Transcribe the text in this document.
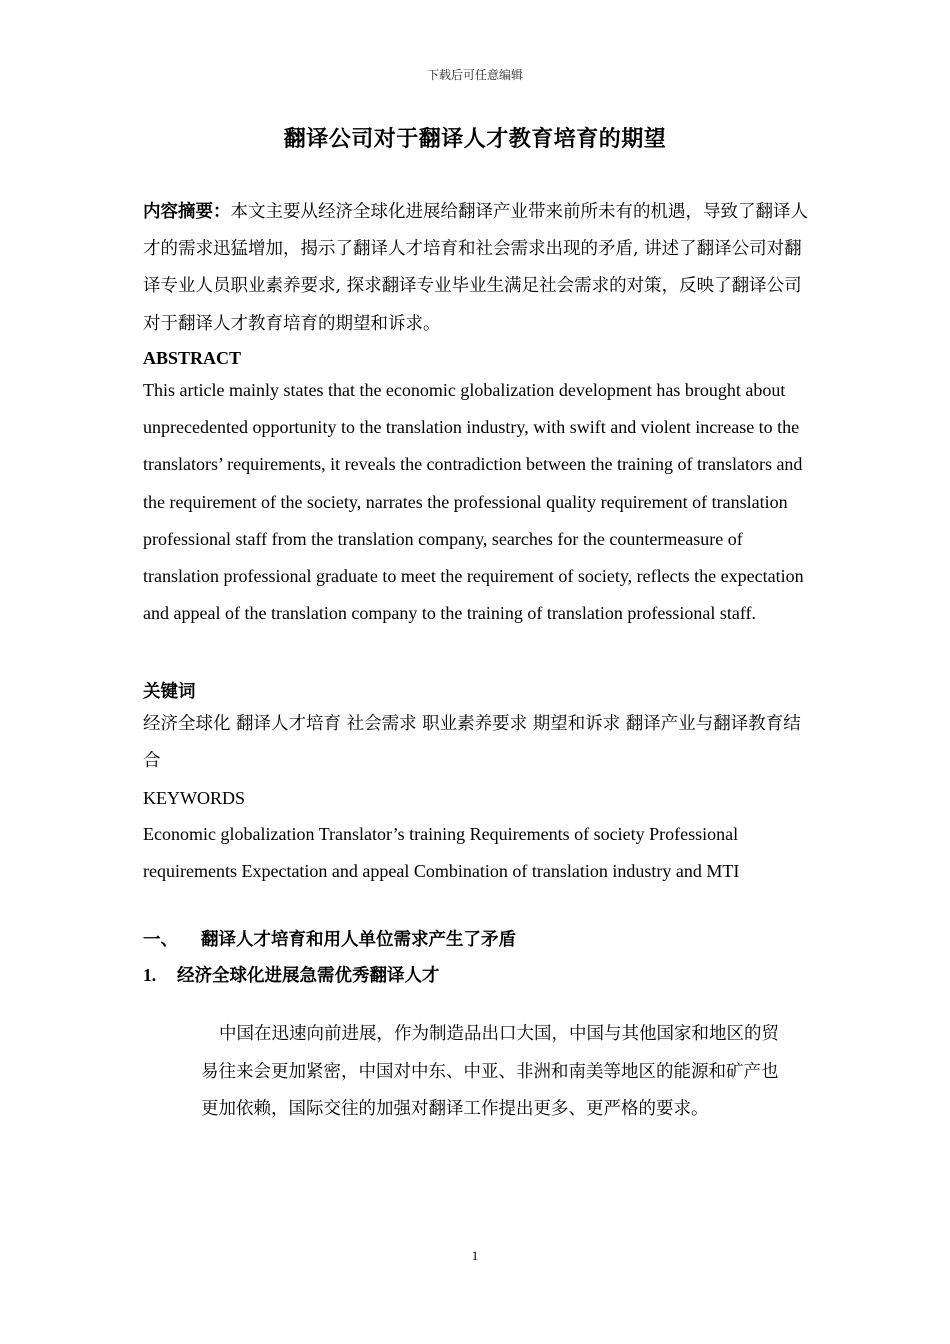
下载后可任意编辑
翻译公司对于翻译人才教育培育的期望
内容摘要：本文主要从经济全球化进展给翻译产业带来前所未有的机遇，导致了翻译人才的需求迅猛增加，揭示了翻译人才培育和社会需求出现的矛盾, 讲述了翻译公司对翻译专业人员职业素养要求, 探求翻译专业毕业生满足社会需求的对策，反映了翻译公司对于翻译人才教育培育的期望和诉求。
ABSTRACT
This article mainly states that the economic globalization development has brought about unprecedented opportunity to the translation industry, with swift and violent increase to the translators’ requirements, it reveals the contradiction between the training of translators and the requirement of the society, narrates the professional quality requirement of translation professional staff from the translation company, searches for the countermeasure of translation professional graduate to meet the requirement of society, reflects the expectation and appeal of the translation company to the training of translation professional staff.
关键词
经济全球化 翻译人才培育 社会需求 职业素养要求 期望和诉求 翻译产业与翻译教育结合
KEYWORDS
Economic globalization Translator’s training Requirements of society Professional requirements Expectation and appeal Combination of translation industry and MTI
一、 翻译人才培育和用人单位需求产生了矛盾
1. 经济全球化进展急需优秀翻译人才
中国在迅速向前进展，作为制造品出口大国，中国与其他国家和地区的贸易往来会更加紧密，中国对中东、中亚、非洲和南美等地区的能源和矿产也更加依赖，国际交往的加强对翻译工作提出更多、更严格的要求。
1
